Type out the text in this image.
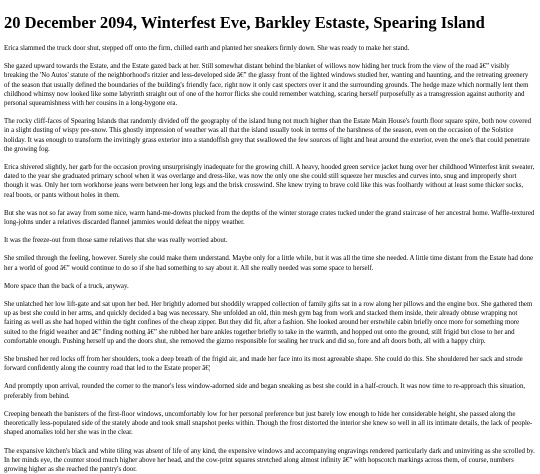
20 December 2094, Winterfest Eve, Barkley Estaste, Spearing Island

Erica slammed the truck door shut, stepped off onto the firm, chilled earth and planted her sneakers firmly down. She was ready to make her stand.

She gazed upward towards the Estate, and the Estate gazed back at her. Still somewhat distant behind the blanket of willows now hiding her truck from the view of the road â€” visibly breaking the 'No Autos' statute of the neighborhood's ritzier and less-developed side â€” the glassy front of the lighted windows studied her, wanting and haunting, and the retreating greenery of the season that usually defined the boundaries of the building's friendly face, right now it only cast specters over it and the surrounding grounds. The hedge maze which normally lent them childhood whimsy now looked like some labyrinth straight out of one of the horror flicks she could remember watching, scaring herself purposefully as a transgression against authority and personal squeamishness with her cousins in a long-bygone era.

The rocky cliff-faces of Spearing Islands that randomly divided off the geography of the island hung not much higher than the Estate Main House's fourth floor square spire, both now covered in a slight dusting of wispy pre-snow. This ghostly impression of weather was all that the island usually took in terms of the harshness of the season, even on the occasion of the Solstice holiday. It was enough to transform the invitingly grass exterior into a standoffish grey that swallowed the few sources of light and heat around the exterior, even the one's that could penetrate the growing fog.

Erica shivered slightly, her garb for the occasion proving unsurprisingly inadequate for the growing chill. A heavy, hooded green service jacket hung over her childhood Winterfest knit sweater, dated to the year she graduated primary school when it was overlarge and dress-like, was now the only one she could still squeeze her muscles and curves into, snug and improperly short though it was. Only her torn workhorse jeans were between her long legs and the brisk crosswind. She knew trying to brave cold like this was foolhardy without at least some thicker socks, real boots, or pants without holes in them.

But she was not so far away from some nice, warm hand-me-downs plucked from the depths of the winter storage crates tucked under the grand staircase of her ancestral home. Waffle-textured long-johns under a relatives discarded flannel jammies would defeat the nippy weather.

It was the freeze-out from those same relatives that she was really worried about.

She smiled through the feeling, however. Surely she could make them understand. Maybe only for a little while, but it was all the time she needed. A little time distant from the Estate had done her a world of good â€” would continue to do so if she had something to say about it. All she really needed was some space to herself.

More space than the back of a truck, anyway.

She unlatched her low lift-gate and sat upon her bed. Her brightly adorned but shoddily wrapped collection of family gifts sat in a row along her pillows and the engine box. She gathered them up as best she could in her arms, and quickly decided a bag was necessary. She unfolded an old, thin mesh gym bag from work and stacked them inside, their already obtuse wrapping not fairing as well as she had hoped within the tight confines of the cheap zipper. But they did fit, after a fashion. She looked around her erstwhile cabin briefly once more for something more suited to the frigid weather and â€” finding nothing â€” she rubbed her bare ankles together briefly to take in the warmth, and hopped out onto the ground, still frigid but close to her and comfortable enough. Pushing herself up and the doors shut, she removed the gizmo responsible for sealing her truck and did so, fore and aft doors both, all with a happy chirp.

She brushed her red locks off from her shoulders, took a deep breath of the frigid air, and made her face into its most agreeable shape. She could do this. She shouldered her sack and strode forward confidently along the country road that led to the Estate proper â€¦

And promptly upon arrival, rounded the corner to the manor's less window-adorned side and began sneaking as best she could in a half-crouch. It was now time to re-approach this situation, preferably from behind.

Creeping beneath the banisters of the first-floor windows, uncomfortably low for her personal preference but just barely low enough to hide her considerable height, she passed along the theoretically less-populated side of the stately abode and took small snapshot peeks within. Though the frost distorted the interior she knew so well in all its intimate details, the lack of people-shaped anomalies told her she was in the clear.

The expansive kitchen's black and white tiling was absent of life of any kind, the expensive windows and accompanying engravings rendered particularly dark and uninviting as she scrolled by. In her minds eye, the counter stood much higher above her head, and the cow-print squares stretched along almost infinity â€” with hopscotch markings across them, of course, numbers growing higher as she reached the pantry's door.
